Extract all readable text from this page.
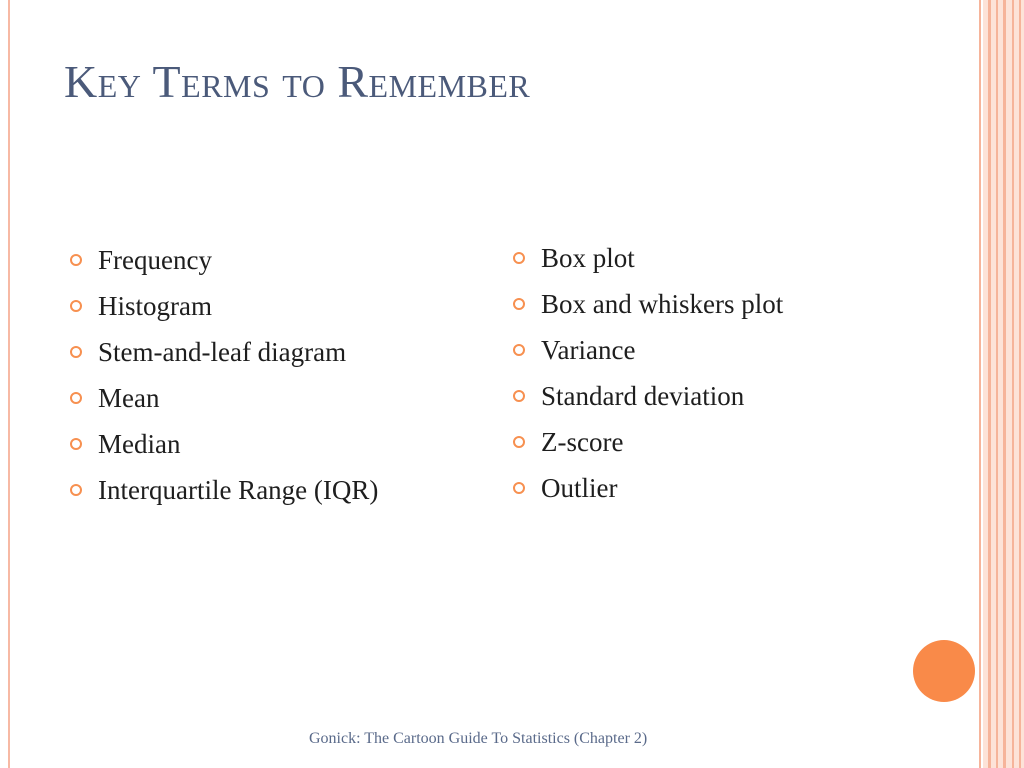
Key Terms to Remember
Frequency
Histogram
Stem-and-leaf diagram
Mean
Median
Interquartile Range (IQR)
Box plot
Box and whiskers plot
Variance
Standard deviation
Z-score
Outlier
Gonick: The Cartoon Guide To Statistics (Chapter 2)
